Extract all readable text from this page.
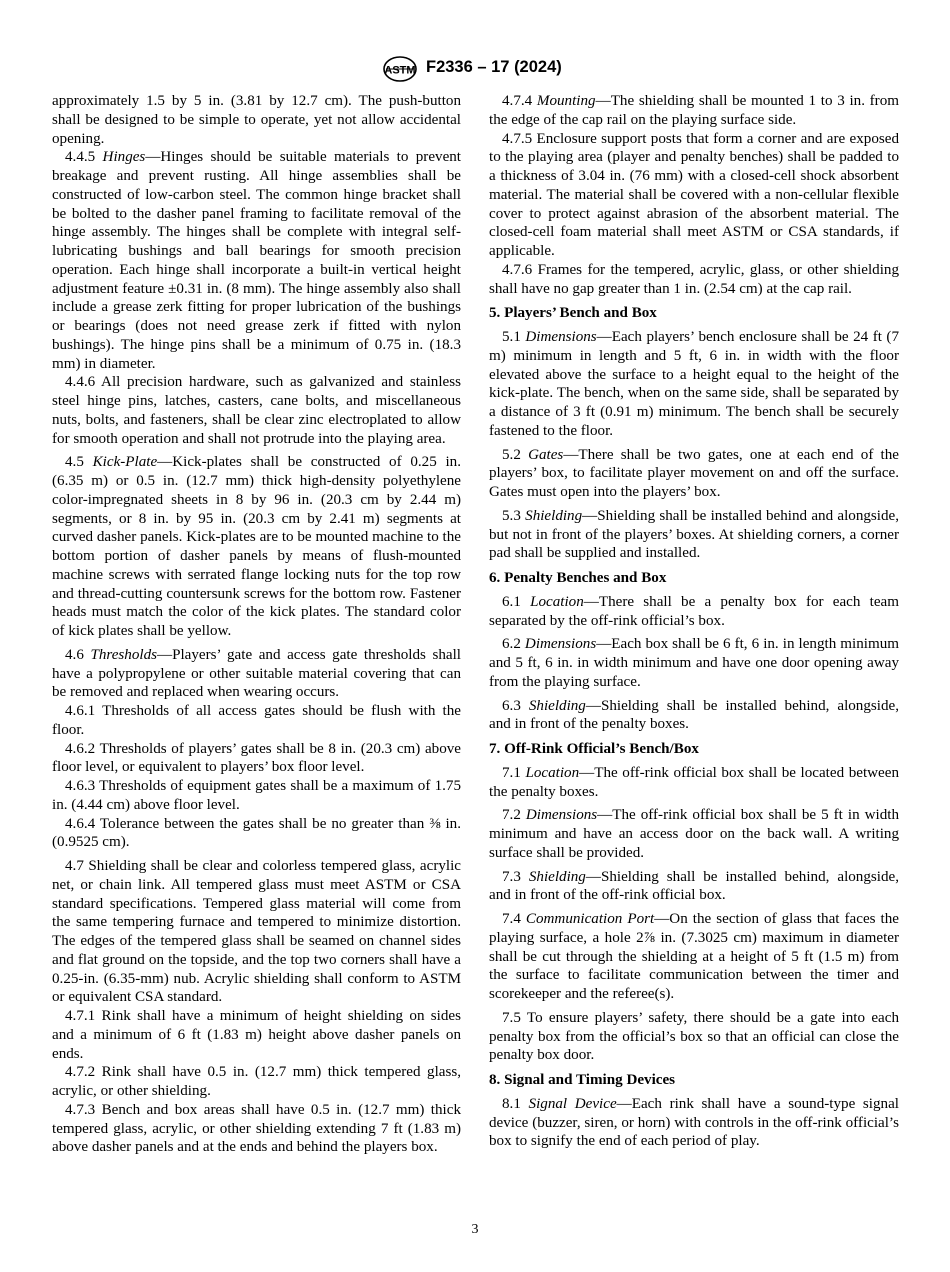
ASTM F2336 – 17 (2024)

approximately 1.5 by 5 in. (3.81 by 12.7 cm). The push-button shall be designed to be simple to operate, yet not allow accidental opening.

4.4.5 Hinges—Hinges should be suitable materials to prevent breakage and prevent rusting. All hinge assemblies shall be constructed of low-carbon steel. The common hinge bracket shall be bolted to the dasher panel framing to facilitate removal of the hinge assembly. The hinges shall be complete with integral self-lubricating bushings and ball bearings for smooth precision operation. Each hinge shall incorporate a built-in vertical height adjustment feature ±0.31 in. (8 mm). The hinge assembly also shall include a grease zerk fitting for proper lubrication of the bushings or bearings (does not need grease zerk if fitted with nylon bushings). The hinge pins shall be a minimum of 0.75 in. (18.3 mm) in diameter.

4.4.6 All precision hardware, such as galvanized and stainless steel hinge pins, latches, casters, cane bolts, and miscellaneous nuts, bolts, and fasteners, shall be clear zinc electroplated to allow for smooth operation and shall not protrude into the playing area.

4.5 Kick-Plate—Kick-plates shall be constructed of 0.25 in. (6.35 m) or 0.5 in. (12.7 mm) thick high-density polyethylene color-impregnated sheets in 8 by 96 in. (20.3 cm by 2.44 m) segments, or 8 in. by 95 in. (20.3 cm by 2.41 m) segments at curved dasher panels. Kick-plates are to be mounted machine to the bottom portion of dasher panels by means of flush-mounted machine screws with serrated flange locking nuts for the top row and thread-cutting countersunk screws for the bottom row. Fastener heads must match the color of the kick plates. The standard color of kick plates shall be yellow.

4.6 Thresholds—Players’ gate and access gate thresholds shall have a polypropylene or other suitable material covering that can be removed and replaced when wearing occurs.

4.6.1 Thresholds of all access gates should be flush with the floor.

4.6.2 Thresholds of players’ gates shall be 8 in. (20.3 cm) above floor level, or equivalent to players’ box floor level.

4.6.3 Thresholds of equipment gates shall be a maximum of 1.75 in. (4.44 cm) above floor level.

4.6.4 Tolerance between the gates shall be no greater than ⅜ in. (0.9525 cm).

4.7 Shielding shall be clear and colorless tempered glass, acrylic net, or chain link. All tempered glass must meet ASTM or CSA standard specifications. Tempered glass material will come from the same tempering furnace and tempered to minimize distortion. The edges of the tempered glass shall be seamed on channel sides and flat ground on the topside, and the top two corners shall have a 0.25-in. (6.35-mm) nub. Acrylic shielding shall conform to ASTM or equivalent CSA standard.

4.7.1 Rink shall have a minimum of height shielding on sides and a minimum of 6 ft (1.83 m) height above dasher panels on ends.

4.7.2 Rink shall have 0.5 in. (12.7 mm) thick tempered glass, acrylic, or other shielding.

4.7.3 Bench and box areas shall have 0.5 in. (12.7 mm) thick tempered glass, acrylic, or other shielding extending 7 ft (1.83 m) above dasher panels and at the ends and behind the players box.

4.7.4 Mounting—The shielding shall be mounted 1 to 3 in. from the edge of the cap rail on the playing surface side.

4.7.5 Enclosure support posts that form a corner and are exposed to the playing area (player and penalty benches) shall be padded to a thickness of 3.04 in. (76 mm) with a closed-cell shock absorbent material. The material shall be covered with a non-cellular flexible cover to protect against abrasion of the absorbent material. The closed-cell foam material shall meet ASTM or CSA standards, if applicable.

4.7.6 Frames for the tempered, acrylic, glass, or other shielding shall have no gap greater than 1 in. (2.54 cm) at the cap rail.

5. Players’ Bench and Box

5.1 Dimensions—Each players’ bench enclosure shall be 24 ft (7 m) minimum in length and 5 ft, 6 in. in width with the floor elevated above the surface to a height equal to the height of the kick-plate. The bench, when on the same side, shall be separated by a distance of 3 ft (0.91 m) minimum. The bench shall be securely fastened to the floor.

5.2 Gates—There shall be two gates, one at each end of the players’ box, to facilitate player movement on and off the surface. Gates must open into the players’ box.

5.3 Shielding—Shielding shall be installed behind and alongside, but not in front of the players’ boxes. At shielding corners, a corner pad shall be supplied and installed.

6. Penalty Benches and Box

6.1 Location—There shall be a penalty box for each team separated by the off-rink official’s box.

6.2 Dimensions—Each box shall be 6 ft, 6 in. in length minimum and 5 ft, 6 in. in width minimum and have one door opening away from the playing surface.

6.3 Shielding—Shielding shall be installed behind, alongside, and in front of the penalty boxes.

7. Off-Rink Official’s Bench/Box

7.1 Location—The off-rink official box shall be located between the penalty boxes.

7.2 Dimensions—The off-rink official box shall be 5 ft in width minimum and have an access door on the back wall. A writing surface shall be provided.

7.3 Shielding—Shielding shall be installed behind, alongside, and in front of the off-rink official box.

7.4 Communication Port—On the section of glass that faces the playing surface, a hole 2⅞ in. (7.3025 cm) maximum in diameter shall be cut through the shielding at a height of 5 ft (1.5 m) from the surface to facilitate communication between the timer and scorekeeper and the referee(s).

7.5 To ensure players’ safety, there should be a gate into each penalty box from the official’s box so that an official can close the penalty box door.

8. Signal and Timing Devices

8.1 Signal Device—Each rink shall have a sound-type signal device (buzzer, siren, or horn) with controls in the off-rink official’s box to signify the end of each period of play.

3
